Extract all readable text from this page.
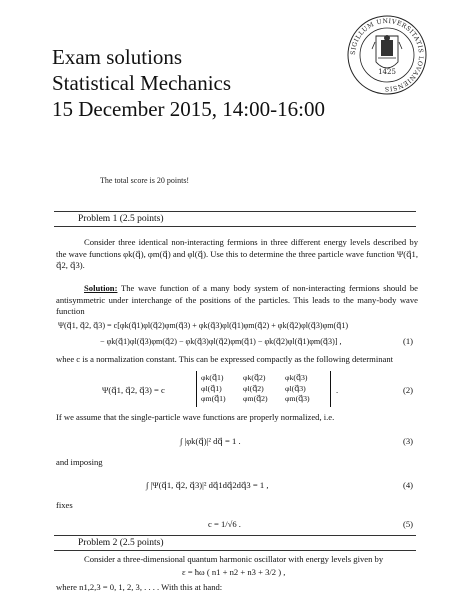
Exam solutions
Statistical Mechanics
15 December 2015, 14:00-16:00
SIGILLUM UNIVERSITATIS LOVANIENSIS
1425
The total score is 20 points!
Problem 1 (2.5 points)
Consider three identical non-interacting fermions in three different energy levels described by the wave functions φk(q⃗), φm(q⃗) and φl(q⃗). Use this to determine the three particle wave function Ψ(q⃗1, q⃗2, q⃗3).
Solution: The wave function of a many body system of non-interacting fermions should be antisymmetric under interchange of the positions of the particles. This leads to the many-body wave function
Ψ(q⃗1, q⃗2, q⃗3) = c[φk(q⃗1)φl(q⃗2)φm(q⃗3) + φk(q⃗3)φl(q⃗1)φm(q⃗2) + φk(q⃗2)φl(q⃗3)φm(q⃗1)
− φk(q⃗1)φl(q⃗3)φm(q⃗2) − φk(q⃗3)φl(q⃗2)φm(q⃗1) − φk(q⃗2)φl(q⃗1)φm(q⃗3)] ,	(1)
whee c is a normalization constant. This can be expressed compactly as the following determinant
Ψ(q⃗1, q⃗2, q⃗3) = c
φk(q⃗1)	φk(q⃗2)	φk(q⃗3)
φl(q⃗1)	φl(q⃗2)	φl(q⃗3)
φm(q⃗1)	φm(q⃗2)	φm(q⃗3)
.	(2)
If we assume that the single-particle wave functions are properly normalized, i.e.
∫ |φk(q⃗)|² dq⃗ = 1 .	(3)
and imposing
∫ |Ψ(q⃗1, q⃗2, q⃗3)|² dq⃗1dq⃗2dq⃗3 = 1 ,	(4)
fixes
c = 1/√6 .	(5)
Problem 2 (2.5 points)
Consider a three-dimensional quantum harmonic oscillator with energy levels given by
ε = ħω ( n1 + n2 + n3 + 3/2 ) ,
where n1,2,3 = 0, 1, 2, 3, . . . . With this at hand:
